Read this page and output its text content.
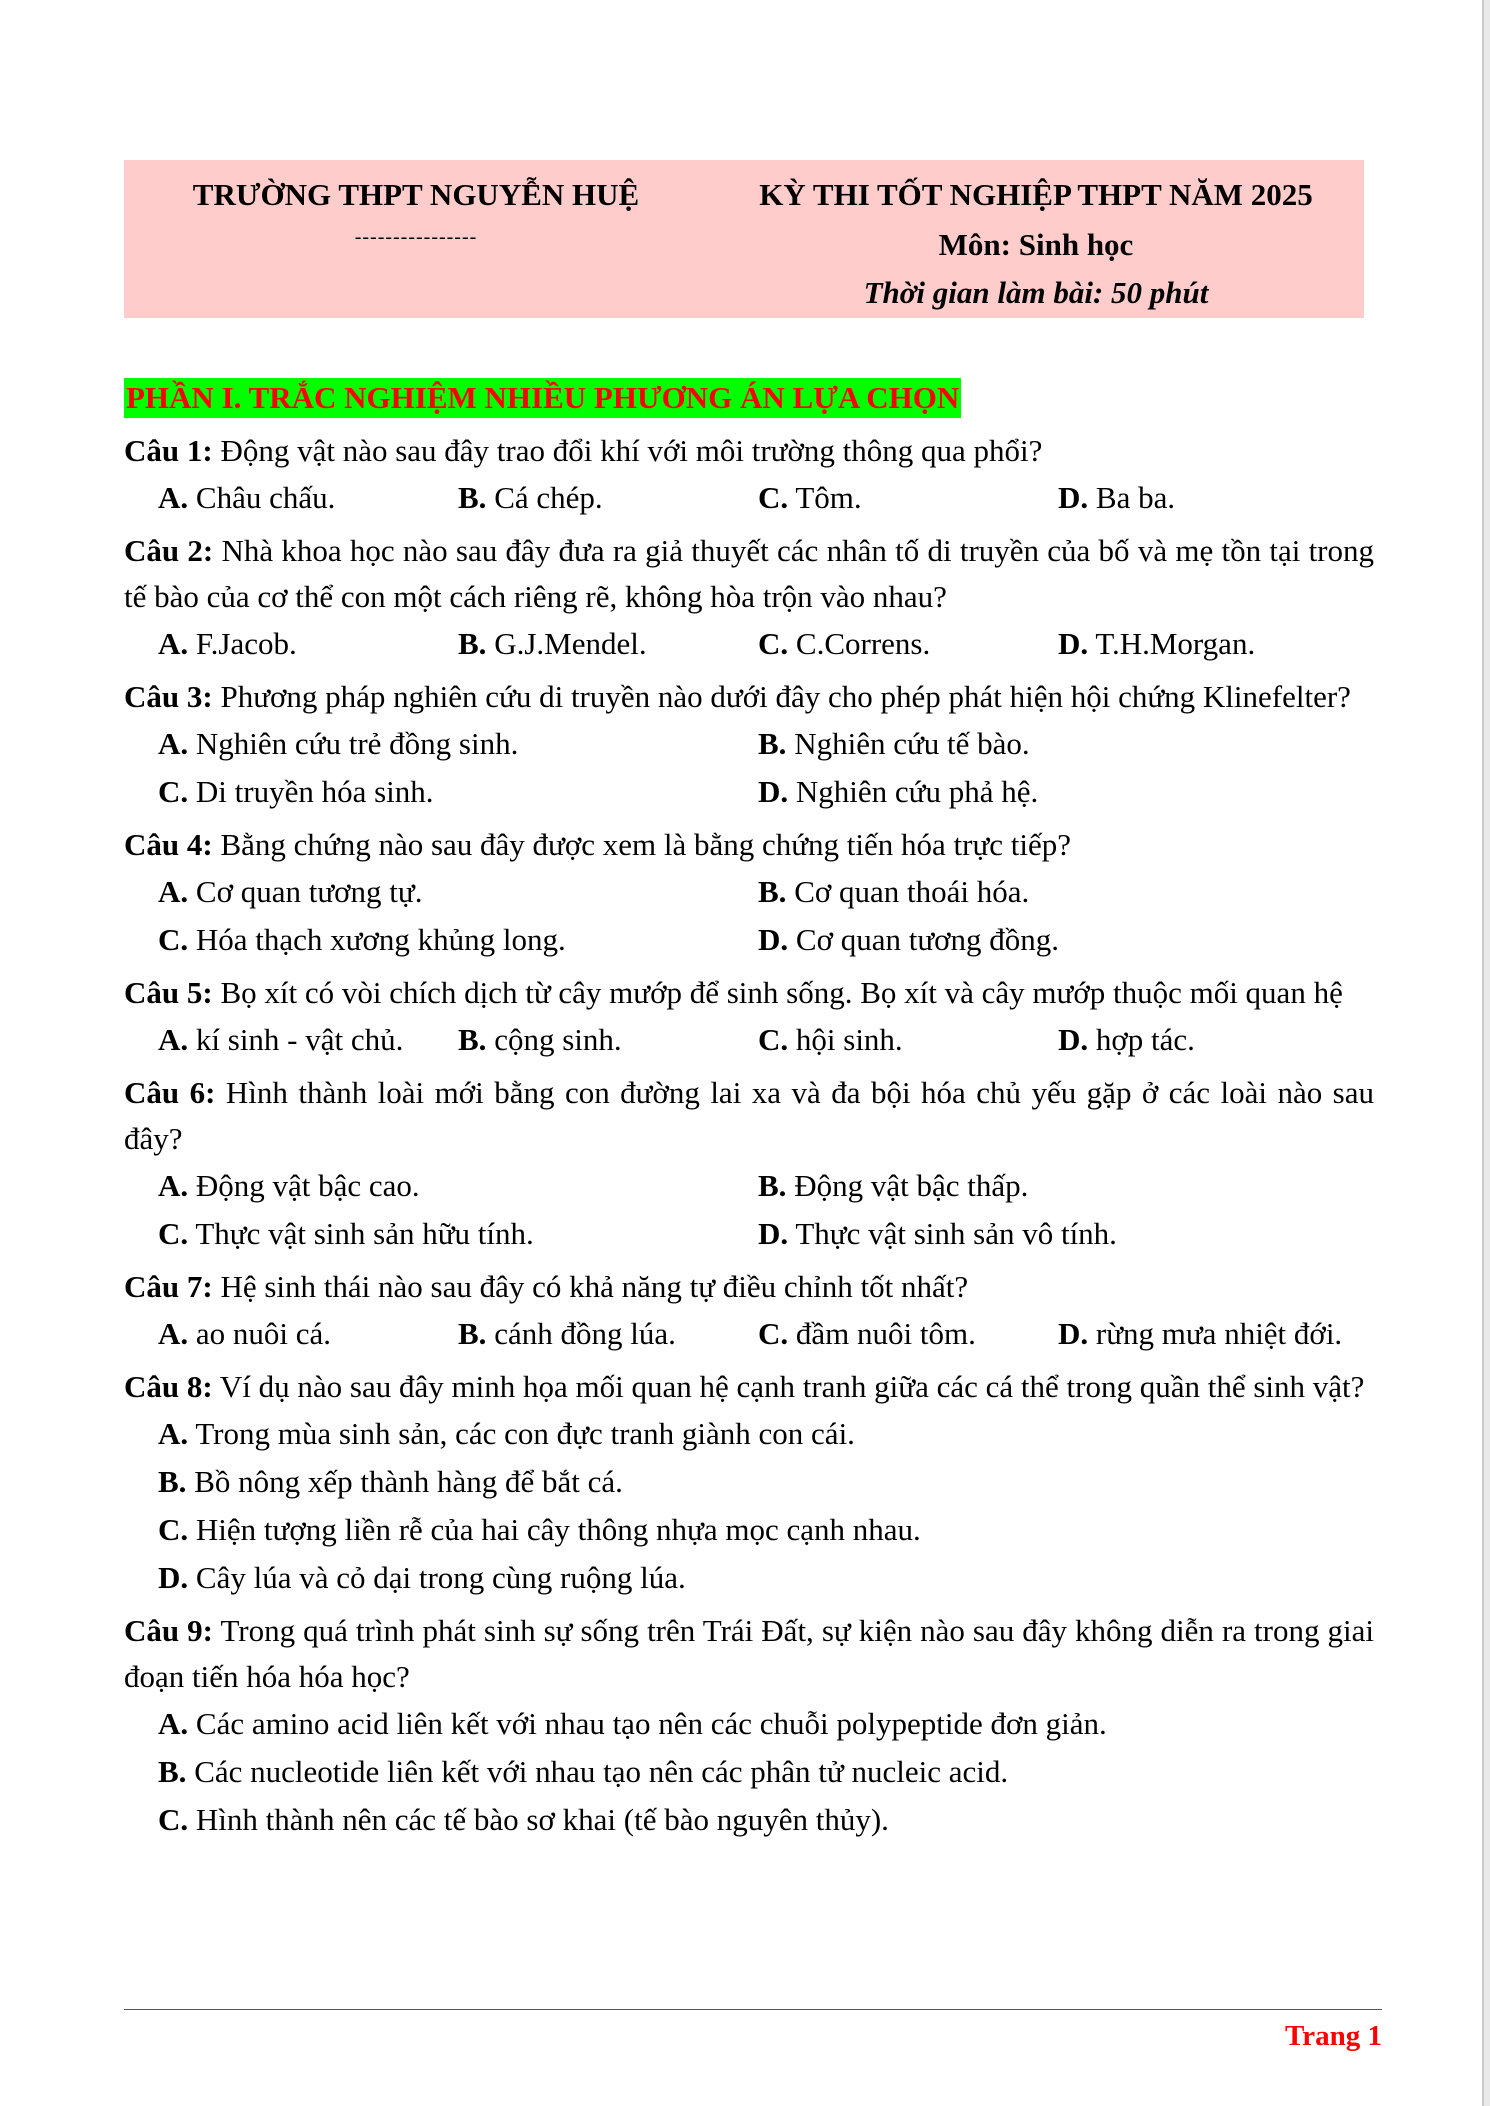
TRƯỜNG THPT NGUYỄN HUỆ
----------------
KỲ THI TỐT NGHIỆP THPT NĂM 2025
Môn: Sinh học
Thời gian làm bài: 50 phút
PHẦN I. TRẮC NGHIỆM NHIỀU PHƯƠNG ÁN LỰA CHỌN
Câu 1: Động vật nào sau đây trao đổi khí với môi trường thông qua phổi?
A. Châu chấu.	B. Cá chép.	C. Tôm.	D. Ba ba.
Câu 2: Nhà khoa học nào sau đây đưa ra giả thuyết các nhân tố di truyền của bố và mẹ tồn tại trong tế bào của cơ thể con một cách riêng rẽ, không hòa trộn vào nhau?
A. F.Jacob.	B. G.J.Mendel.	C. C.Correns.	D. T.H.Morgan.
Câu 3: Phương pháp nghiên cứu di truyền nào dưới đây cho phép phát hiện hội chứng Klinefelter?
A. Nghiên cứu trẻ đồng sinh.	B. Nghiên cứu tế bào.
C. Di truyền hóa sinh.	D. Nghiên cứu phả hệ.
Câu 4: Bằng chứng nào sau đây được xem là bằng chứng tiến hóa trực tiếp?
A. Cơ quan tương tự.	B. Cơ quan thoái hóa.
C. Hóa thạch xương khủng long.	D. Cơ quan tương đồng.
Câu 5: Bọ xít có vòi chích dịch từ cây mướp để sinh sống. Bọ xít và cây mướp thuộc mối quan hệ
A. kí sinh - vật chủ.	B. cộng sinh.	C. hội sinh.	D. hợp tác.
Câu 6: Hình thành loài mới bằng con đường lai xa và đa bội hóa chủ yếu gặp ở các loài nào sau đây?
A. Động vật bậc cao.	B. Động vật bậc thấp.
C. Thực vật sinh sản hữu tính.	D. Thực vật sinh sản vô tính.
Câu 7: Hệ sinh thái nào sau đây có khả năng tự điều chỉnh tốt nhất?
A. ao nuôi cá.	B. cánh đồng lúa.	C. đầm nuôi tôm.	D. rừng mưa nhiệt đới.
Câu 8: Ví dụ nào sau đây minh họa mối quan hệ cạnh tranh giữa các cá thể trong quần thể sinh vật?
A. Trong mùa sinh sản, các con đực tranh giành con cái.
B. Bồ nông xếp thành hàng để bắt cá.
C. Hiện tượng liền rễ của hai cây thông nhựa mọc cạnh nhau.
D. Cây lúa và cỏ dại trong cùng ruộng lúa.
Câu 9: Trong quá trình phát sinh sự sống trên Trái Đất, sự kiện nào sau đây không diễn ra trong giai đoạn tiến hóa hóa học?
A. Các amino acid liên kết với nhau tạo nên các chuỗi polypeptide đơn giản.
B. Các nucleotide liên kết với nhau tạo nên các phân tử nucleic acid.
C. Hình thành nên các tế bào sơ khai (tế bào nguyên thủy).
Trang 1
